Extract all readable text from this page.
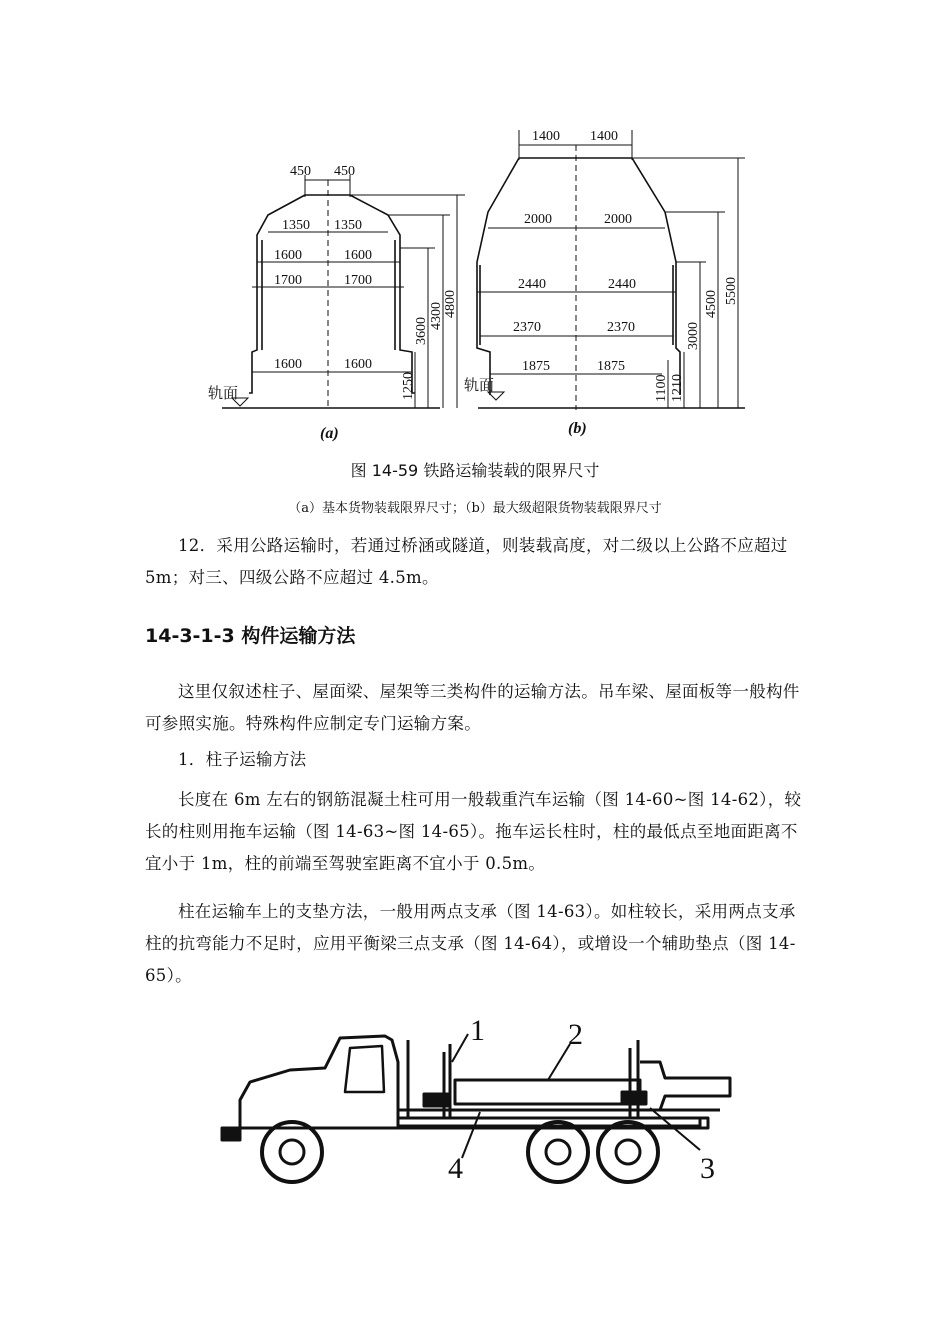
450 450
1350 1350
1600	1600
1700	1700
1600	1600
1250
3600
4300 4800
轨面
(a)
1400 1400
2000	2000
2440	2440
2370	2370
1875	1875
1100 1210
3000
4500 5500
轨面
(b)
图 14-59 铁路运输装载的限界尺寸
（a）基本货物装载限界尺寸；（b）最大级超限货物装载限界尺寸
12．采用公路运输时，若通过桥涵或隧道，则装载高度，对二级以上公路不应超过 5m；对三、四级公路不应超过 4.5m。
14-3-1-3 构件运输方法
这里仅叙述柱子、屋面梁、屋架等三类构件的运输方法。吊车梁、屋面板等一般构件可参照实施。特殊构件应制定专门运输方案。
1．柱子运输方法
长度在 6m 左右的钢筋混凝土柱可用一般载重汽车运输（图 14-60~图 14-62），较长的柱则用拖车运输（图 14-63~图 14-65）。拖车运长柱时，柱的最低点至地面距离不宜小于 1m，柱的前端至驾驶室距离不宜小于 0.5m。
柱在运输车上的支垫方法，一般用两点支承（图 14-63）。如柱较长，采用两点支承柱的抗弯能力不足时，应用平衡梁三点支承（图 14-64），或增设一个辅助垫点（图 14-65）。
1	2
3
4
